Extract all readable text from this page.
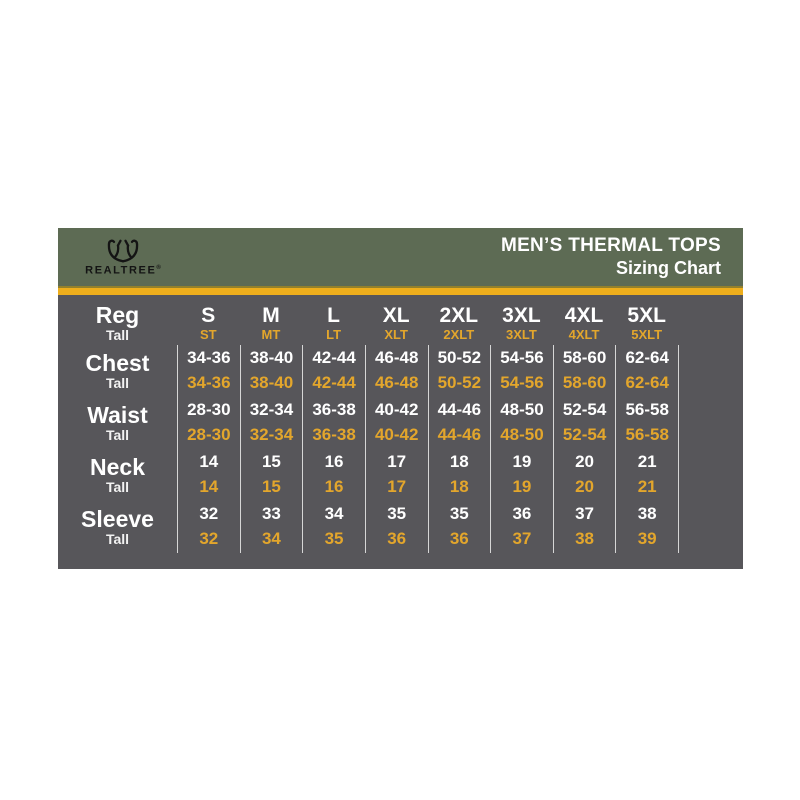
REALTREE®
MEN’S THERMAL TOPS
Sizing Chart
Reg
Tall
S
ST
M
MT
L
LT
XL
XLT
2XL
2XLT
3XL
3XLT
4XL
4XLT
5XL
5XLT
Chest
Tall
34-36
34-36
38-40
38-40
42-44
42-44
46-48
46-48
50-52
50-52
54-56
54-56
58-60
58-60
62-64
62-64
Waist
Tall
28-30
28-30
32-34
32-34
36-38
36-38
40-42
40-42
44-46
44-46
48-50
48-50
52-54
52-54
56-58
56-58
Neck
Tall
14
14
15
15
16
16
17
17
18
18
19
19
20
20
21
21
Sleeve
Tall
32
32
33
34
34
35
35
36
35
36
36
37
37
38
38
39
